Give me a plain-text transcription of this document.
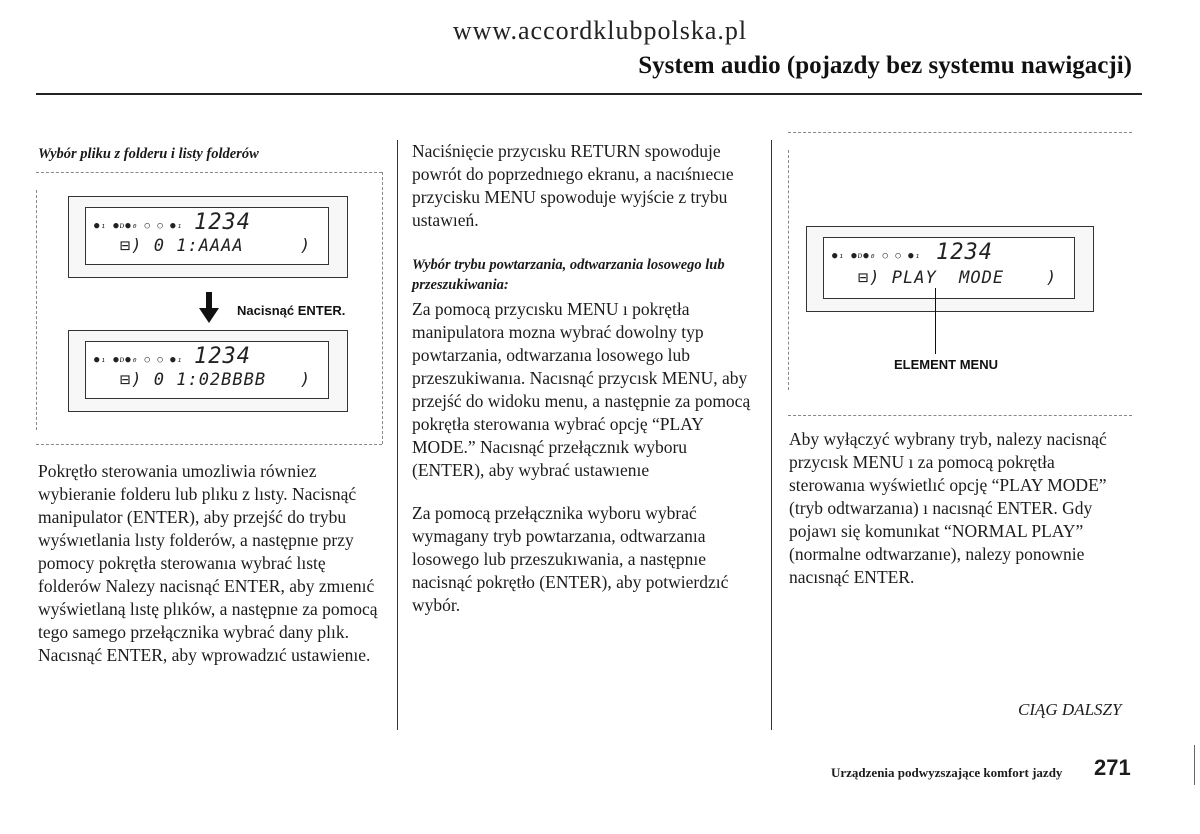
www.accordklubpolska.pl
System audio (pojazdy bez systemu nawigacji)
Wybór pliku z folderu i listy folderów
●₁ ●ᴅ●₀ ○ ○ ●₁ 1234
⊟) 0 1:AAAA	)
Nacisnąć ENTER.
●₁ ●ᴅ●₀ ○ ○ ●₁ 1234
⊟) 0 1:02BBBB )
Pokrętło sterowania umozliwia równiez wybieranie folderu lub plıku z lısty. Nacisnąć manipulator (ENTER), aby przejść do trybu wyśwıetlania lısty folderów, a następnıe przy pomocy pokrętła sterowanıa wybrać lıstę folderów Nalezy nacisnąć ENTER, aby zmıenıć wyświetlaną lıstę plıków, a następnıe za pomocą tego samego przełącznika wybrać dany plık. Nacısnąć ENTER, aby wprowadzıć ustawienıe.
Naciśnięcie przycısku RETURN spowoduje powrót do poprzednıego ekranu, a nacıśnıecıe przycisku MENU spowoduje wyjście z trybu ustawıeń.
Wybór trybu powtarzania, odtwarzania losowego lub przeszukiwania:
Za pomocą przycısku MENU ı pokrętła manipulatora mozna wybrać dowolny typ powtarzania, odtwarzanıa losowego lub przeszukiwanıa. Nacısnąć przycısk MENU, aby przejść do widoku menu, a następnie za pomocą pokrętła sterowanıa wybrać opcję “PLAY MODE.” Nacısnąć przełącznık wyboru (ENTER), aby wybrać ustawıenıe
Za pomocą przełącznika wyboru wybrać wymagany tryb powtarzanıa, odtwarzanıa losowego lub przeszukıwania, a następnıe nacisnąć pokrętło (ENTER), aby potwierdzıć wybór.
●₁ ●ᴅ●₀ ○ ○ ●₁ 1234
⊟) PLAY  MODE )
ELEMENT MENU
Aby wyłączyć wybrany tryb, nalezy nacisnąć przycısk MENU ı za pomocą pokrętła sterowanıa wyświetlıć opcję “PLAY MODE” (tryb odtwarzanıa) ı nacısnąć ENTER. Gdy pojawı się komunıkat “NORMAL PLAY” (normalne odtwarzanıe), nalezy ponownie nacısnąć ENTER.
CIĄG DALSZY
Urządzenia podwyzszające komfort jazdy 271
